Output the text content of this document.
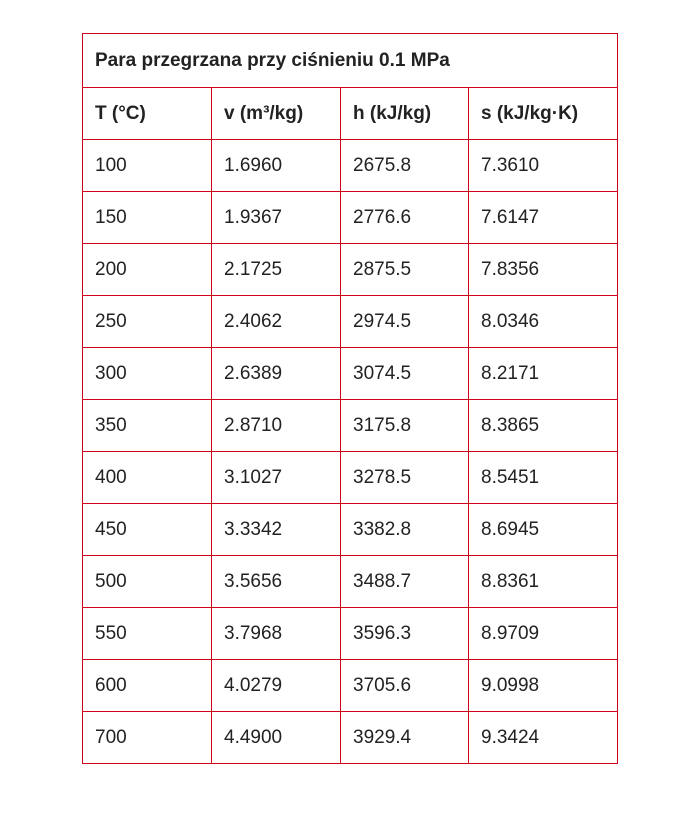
Para przegrzana przy ciśnieniu 0.1 MPa			
T (°C)	v (m³/kg)	h (kJ/kg)	s (kJ/kg·K)
100	1.6960	2675.8	7.3610
150	1.9367	2776.6	7.6147
200	2.1725	2875.5	7.8356
250	2.4062	2974.5	8.0346
300	2.6389	3074.5	8.2171
350	2.8710	3175.8	8.3865
400	3.1027	3278.5	8.5451
450	3.3342	3382.8	8.6945
500	3.5656	3488.7	8.8361
550	3.7968	3596.3	8.9709
600	4.0279	3705.6	9.0998
700	4.4900	3929.4	9.3424
